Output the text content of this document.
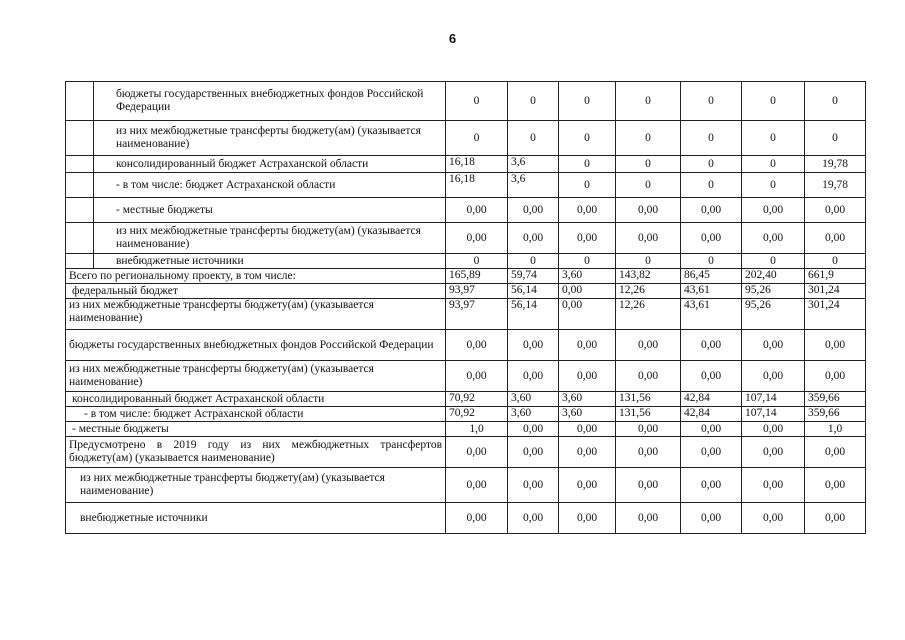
6
	бюджеты государственных внебюджетных фондов Российской Федерации	0	0	0	0	0	0	0
	из них межбюджетные трансферты бюджету(ам) (указывается наименование)	0	0	0	0	0	0	0
	консолидированный бюджет Астраханской области	16,18	3,6	0	0	0	0	19,78
	- в том числе: бюджет Астраханской области	16,18	3,6	0	0	0	0	19,78
	- местные бюджеты	0,00	0,00	0,00	0,00	0,00	0,00	0,00
	из них межбюджетные трансферты бюджету(ам) (указывается наименование)	0,00	0,00	0,00	0,00	0,00	0,00	0,00
	внебюджетные источники	0	0	0	0	0	0	0
Всего по региональному проекту, в том числе:		165,89	59,74	3,60	143,82	86,45	202,40	661,9
федеральный бюджет		93,97	56,14	0,00	12,26	43,61	95,26	301,24
из них межбюджетные трансферты бюджету(ам) (указывается наименование)		93,97	56,14	0,00	12,26	43,61	95,26	301,24
бюджеты государственных внебюджетных фондов Российской Федерации		0,00	0,00	0,00	0,00	0,00	0,00	0,00
из них межбюджетные трансферты бюджету(ам) (указывается наименование)		0,00	0,00	0,00	0,00	0,00	0,00	0,00
консолидированный бюджет Астраханской области		70,92	3,60	3,60	131,56	42,84	107,14	359,66
- в том числе: бюджет Астраханской области		70,92	3,60	3,60	131,56	42,84	107,14	359,66
- местные бюджеты		1,0	0,00	0,00	0,00	0,00	0,00	1,0
Предусмотрено в 2019 году из них межбюджетных трансфертов бюджету(ам) (указывается наименование)		0,00	0,00	0,00	0,00	0,00	0,00	0,00
из них межбюджетные трансферты бюджету(ам) (указывается наименование)		0,00	0,00	0,00	0,00	0,00	0,00	0,00
внебюджетные источники		0,00	0,00	0,00	0,00	0,00	0,00	0,00
